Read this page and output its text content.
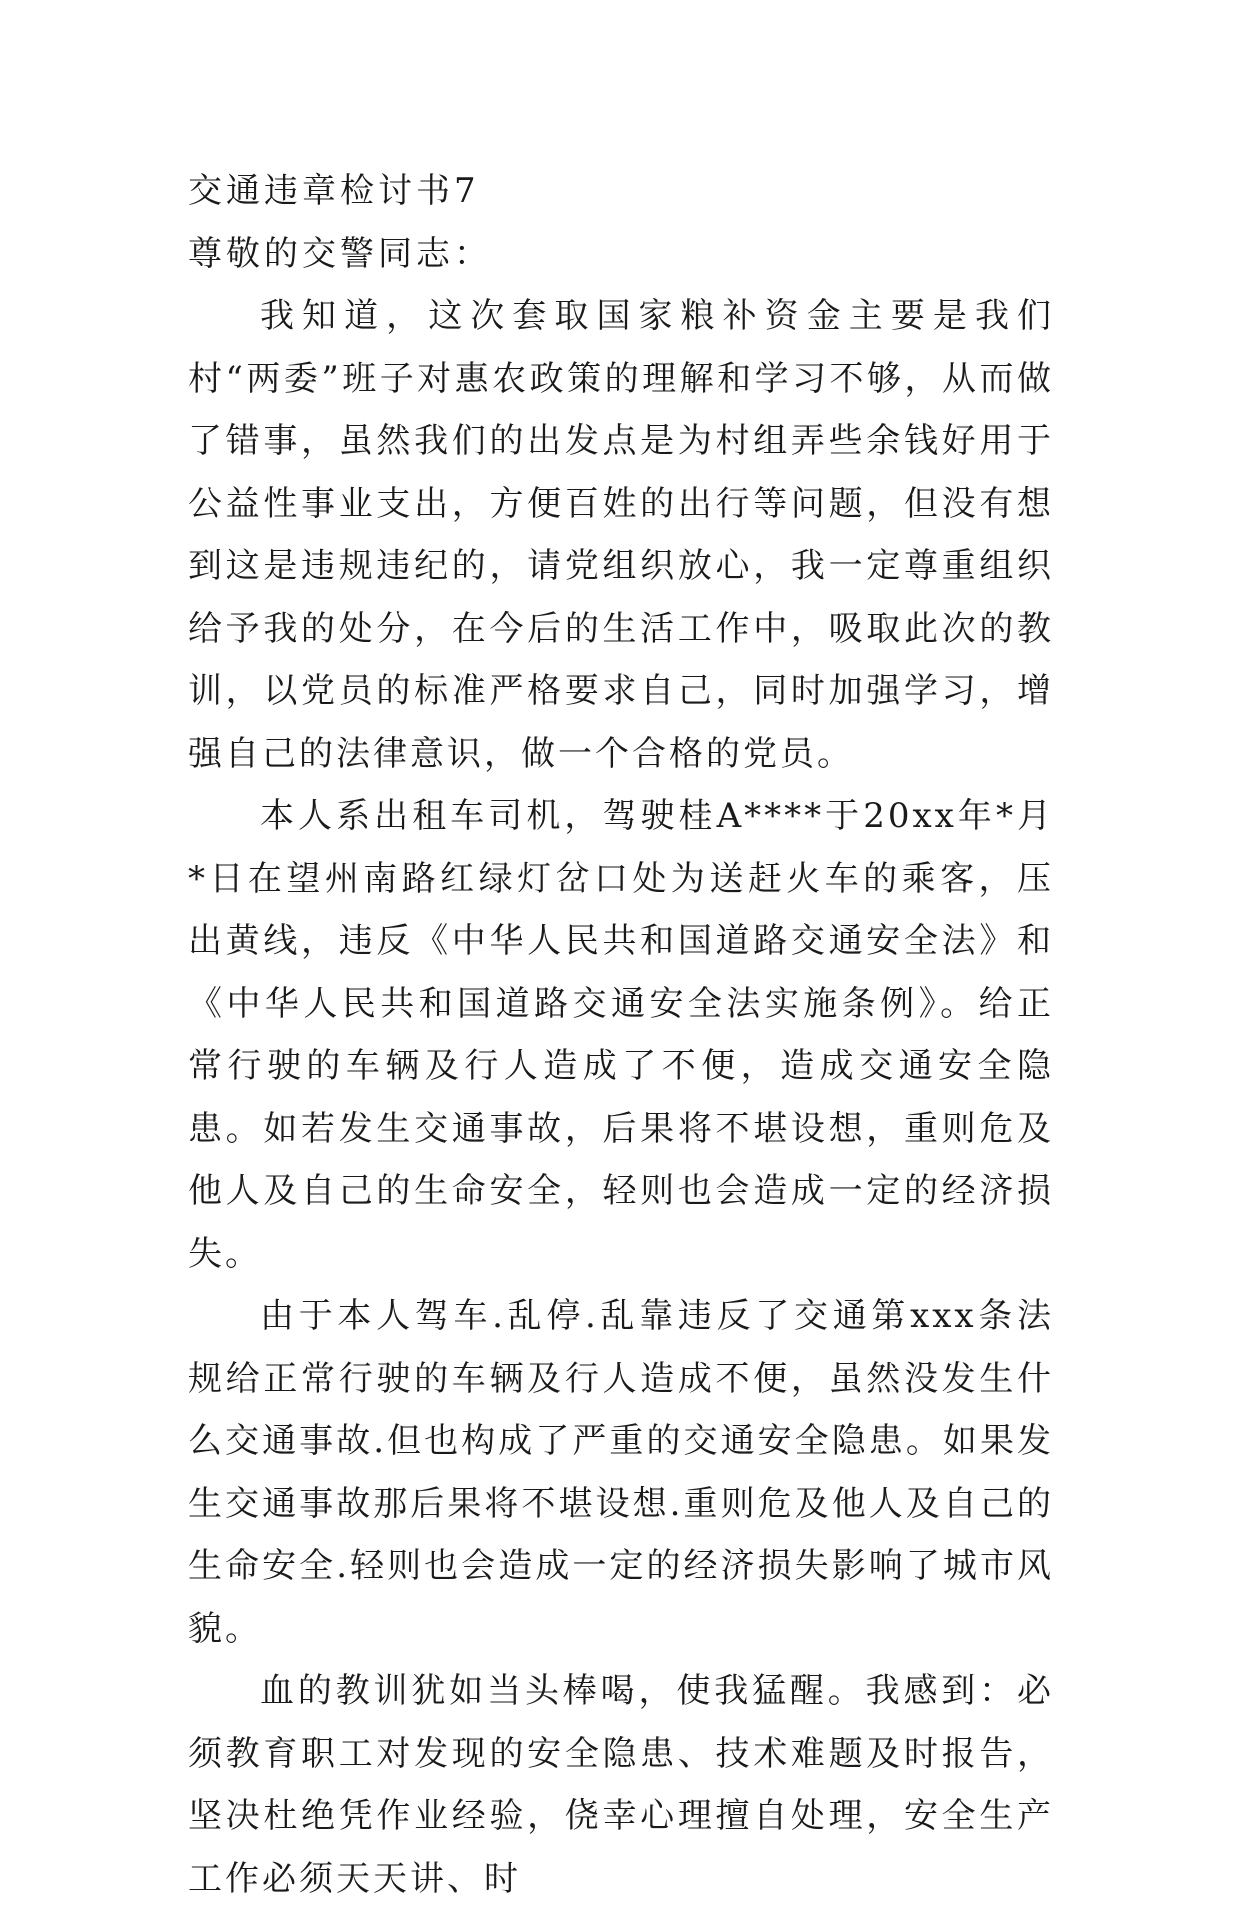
交通违章检讨书7

尊敬的交警同志：

我知道，这次套取国家粮补资金主要是我们村“两委”班子对惠农政策的理解和学习不够，从而做了错事，虽然我们的出发点是为村组弄些余钱好用于公益性事业支出，方便百姓的出行等问题，但没有想到这是违规违纪的，请党组织放心，我一定尊重组织给予我的处分，在今后的生活工作中，吸取此次的教训，以党员的标准严格要求自己，同时加强学习，增强自己的法律意识，做一个合格的党员。

本人系出租车司机，驾驶桂A****于20xx年*月*日在望州南路红绿灯岔口处为送赶火车的乘客，压出黄线，违反《中华人民共和国道路交通安全法》和《中华人民共和国道路交通安全法实施条例》。给正常行驶的车辆及行人造成了不便，造成交通安全隐患。如若发生交通事故，后果将不堪设想，重则危及他人及自己的生命安全，轻则也会造成一定的经济损失。

由于本人驾车.乱停.乱靠违反了交通第xxx条法规给正常行驶的车辆及行人造成不便，虽然没发生什么交通事故.但也构成了严重的交通安全隐患。如果发生交通事故那后果将不堪设想.重则危及他人及自己的生命安全.轻则也会造成一定的经济损失影响了城市风貌。

血的教训犹如当头棒喝，使我猛醒。我感到：必须教育职工对发现的安全隐患、技术难题及时报告，坚决杜绝凭作业经验，侥幸心理擅自处理，安全生产工作必须天天讲、时
